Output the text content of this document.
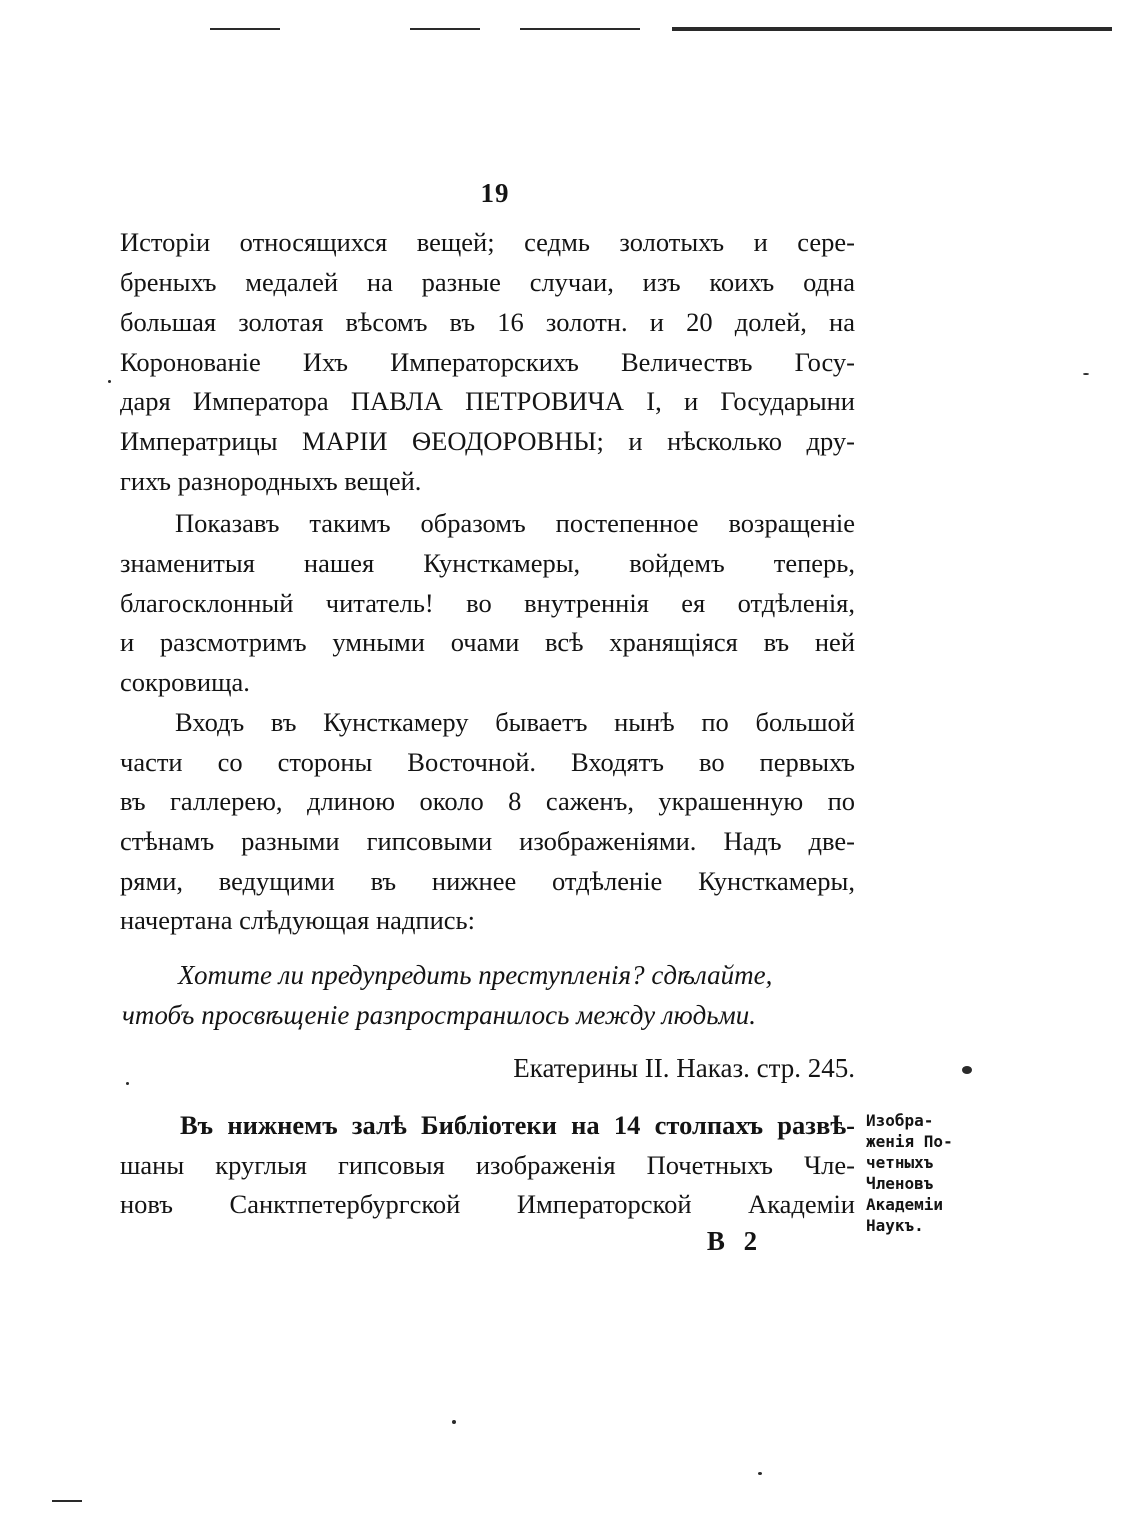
19
Исторіи относящихся вещей; седмь золотыхъ и сере-
бреныхъ медалей на разные случаи, изъ коихъ одна
большая золотая вѣсомъ въ 16 золотн. и 20 долей, на
Коронованіе Ихъ Императорскихъ Величествъ Госу-
даря Императора ПАВЛА ПЕТРОВИЧА I, и Государыни
Императрицы МАРІИ ѲЕОДОРОВНЫ; и нѣсколько дру-
гихъ разнородныхъ вещей.
Показавъ такимъ образомъ постепенное возращеніе
знаменитыя нашея Кунсткамеры, войдемъ теперь,
благосклонный читатель! во внутреннія ея отдѣленія,
и разсмотримъ умными очами всѣ хранящіяся въ ней
сокровища.
Входъ въ Кунсткамеру бываетъ нынѣ по большой
части со стороны Восточной. Входятъ во первыхъ
въ галлерею, длиною около 8 саженъ, украшенную по
стѣнамъ разными гипсовыми изображеніями. Надъ две-
рями, ведущими въ нижнее отдѣленіе Кунсткамеры,
начертана слѣдующая надпись:
Хотите ли предупредить преступленія? сдѣлайте,
чтобъ просвѣщеніе разпространилось между людьми.
Екатерины II. Наказ. стр. 245.
Въ нижнемъ залѣ Библіотеки на 14 столпахъ развѣ-
шаны круглыя гипсовыя изображенія Почетныхъ Чле-
новъ Санктпетербургской Императорской Академіи
Изобра-
женія По-
четныхъ
Членовъ
Академіи
Наукъ.
B 2
